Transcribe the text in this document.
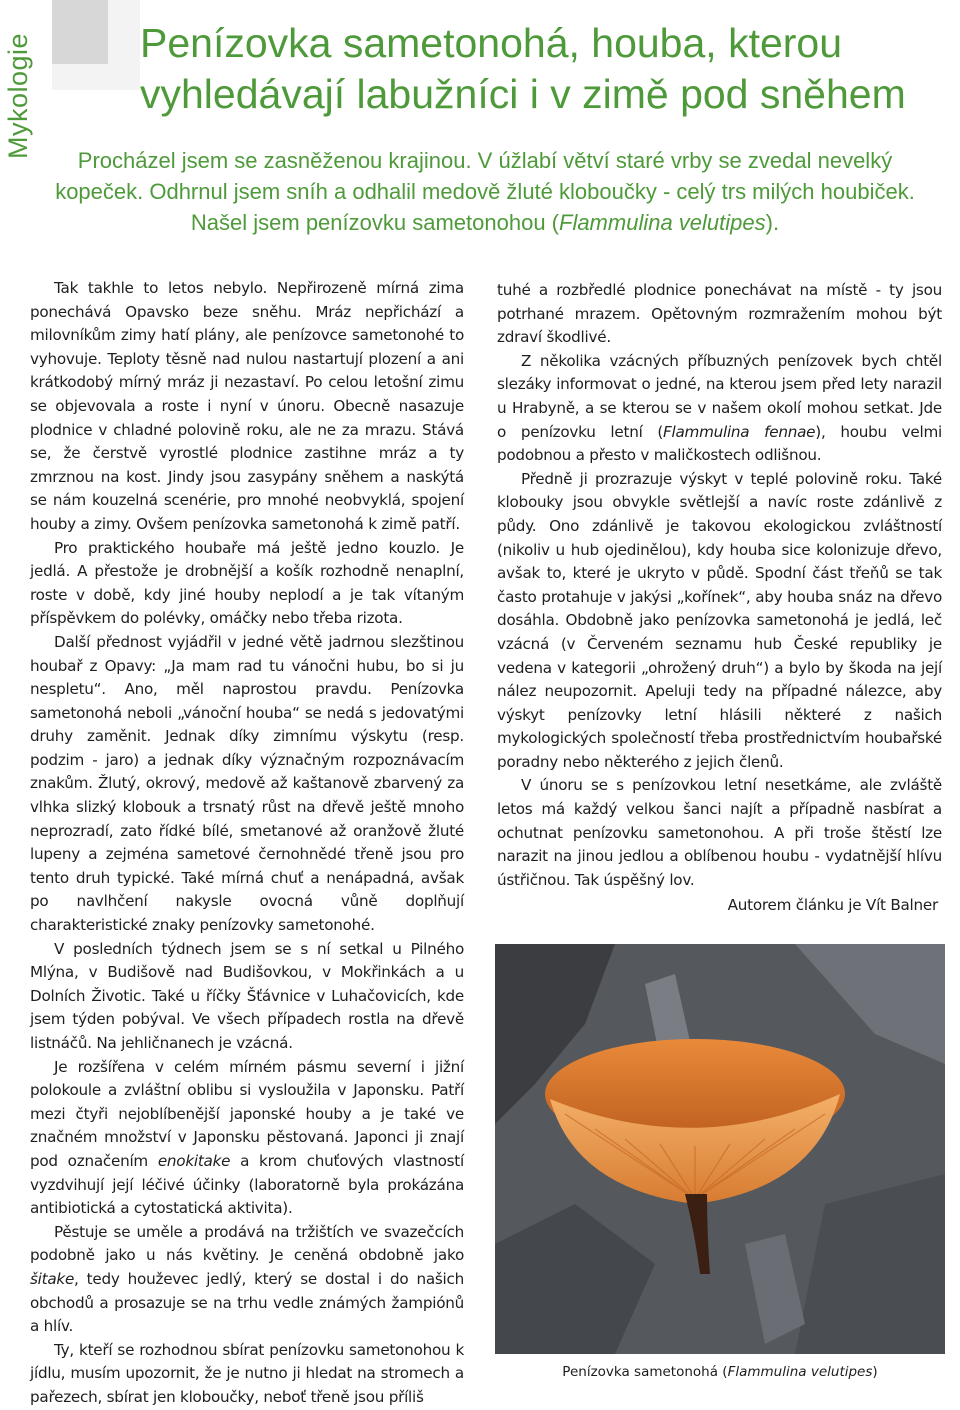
Mykologie	Penízovka sametonohá, houba, kterou vyhledávají labužníci i v zimě pod sněhem

Procházel jsem se zasněženou krajinou. V úžlabí větví staré vrby se zvedal nevelký kopeček. Odhrnul jsem sníh a odhalil medově žluté kloboučky - celý trs milých houbiček. Našel jsem penízovku sametonohou (Flammulina velutipes).

Tak takhle to letos nebylo. Nepřirozeně mírná zima ponechává Opavsko beze sněhu. Mráz nepřichází a milovníkům zimy hatí plány, ale penízovce sametonohé to vyhovuje. Teploty těsně nad nulou nastartují plození a ani krátkodobý mírný mráz ji nezastaví. Po celou letošní zimu se objevovala a roste i nyní v únoru. Obecně nasazuje plodnice v chladné polovině roku, ale ne za mrazu. Stává se, že čerstvě vyrostlé plodnice zastihne mráz a ty zmrznou na kost. Jindy jsou zasypány sněhem a naskýtá se nám kouzelná scenérie, pro mnohé neobvyklá, spojení houby a zimy. Ovšem penízovka sametonohá k zimě patří.

Pro praktického houbaře má ještě jedno kouzlo. Je jedlá. A přestože je drobnější a košík rozhodně nenaplní, roste v době, kdy jiné houby neplodí a je tak vítaným příspěvkem do polévky, omáčky nebo třeba rizota.

Další přednost vyjádřil v jedné větě jadrnou slezštinou houbař z Opavy: „Ja mam rad tu vánočni hubu, bo si ju nespletu“. Ano, měl naprostou pravdu. Penízovka sametonohá neboli „vánoční houba“ se nedá s jedovatými druhy zaměnit. Jednak díky zimnímu výskytu (resp. podzim - jaro) a jednak díky význačným rozpoznávacím znakům. Žlutý, okrový, medově až kaštanově zbarvený za vlhka slizký klobouk a trsnatý růst na dřevě ještě mnoho neprozradí, zato řídké bílé, smetanové až oranžově žluté lupeny a zejména sametové černohnědé třeně jsou pro tento druh typické. Také mírná chuť a nenápadná, avšak po navlhčení nakysle ovocná vůně doplňují charakteristické znaky penízovky sametonohé.

V posledních týdnech jsem se s ní setkal u Pilného Mlýna, v Budišově nad Budišovkou, v Mokřinkách a u Dolních Životic. Také u říčky Šťávnice v Luhačovicích, kde jsem týden pobýval. Ve všech případech rostla na dřevě listnáčů. Na jehličnanech je vzácná.

Je rozšířena v celém mírném pásmu severní i jižní polokoule a zvláštní oblibu si vysloužila v Japonsku. Patří mezi čtyři nejoblíbenější japonské houby a je také ve značném množství v Japonsku pěstovaná. Japonci ji znají pod označením enokitake a krom chuťových vlastností vyzdvihují její léčivé účinky (laboratorně byla prokázána antibiotická a cytostatická aktivita).

Pěstuje se uměle a prodává na tržištích ve svazečcích podobně jako u nás květiny. Je ceněná obdobně jako šitake, tedy houževec jedlý, který se dostal i do našich obchodů a prosazuje se na trhu vedle známých žampiónů a hlív.

Ty, kteří se rozhodnou sbírat penízovku sametonohou k jídlu, musím upozornit, že je nutno ji hledat na stromech a pařezech, sbírat jen kloboučky, neboť třeně jsou příliš

tuhé a rozbředlé plodnice ponechávat na místě - ty jsou potrhané mrazem. Opětovným rozmražením mohou být zdraví škodlivé.

Z několika vzácných příbuzných penízovek bych chtěl slezáky informovat o jedné, na kterou jsem před lety narazil u Hrabyně, a se kterou se v našem okolí mohou setkat. Jde o penízovku letní (Flammulina fennae), houbu velmi podobnou a přesto v maličkostech odlišnou.

Předně ji prozrazuje výskyt v teplé polovině roku. Také klobouky jsou obvykle světlejší a navíc roste zdánlivě z půdy. Ono zdánlivě je takovou ekologickou zvláštností (nikoliv u hub ojedinělou), kdy houba sice kolonizuje dřevo, avšak to, které je ukryto v půdě. Spodní část třeňů se tak často protahuje v jakýsi „kořínek“, aby houba snáz na dřevo dosáhla. Obdobně jako penízovka sametonohá je jedlá, leč vzácná (v Červeném seznamu hub České republiky je vedena v kategorii „ohrožený druh“) a bylo by škoda na její nález neupozornit. Apeluji tedy na případné nálezce, aby výskyt penízovky letní hlásili některé z našich mykologických společností třeba prostřednictvím houbařské poradny nebo některého z jejich členů.

V únoru se s penízovkou letní nesetkáme, ale zvláště letos má každý velkou šanci najít a případně nasbírat a ochutnat penízovku sametonohou. A při troše štěstí lze narazit na jinou jedlou a oblíbenou houbu - vydatnější hlívu ústřičnou. Tak úspěšný lov.

Autorem článku je Vít Balner

Penízovka sametonohá (Flammulina velutipes)
